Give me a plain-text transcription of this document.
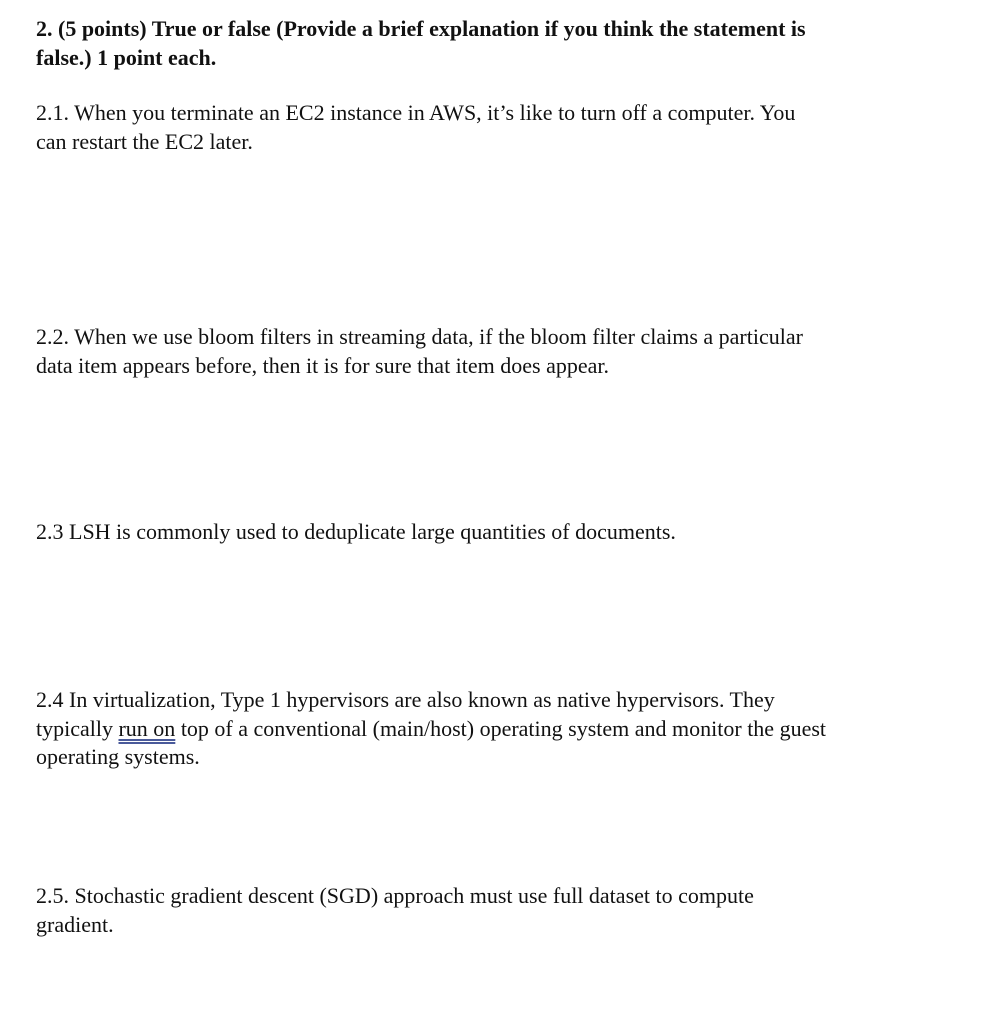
2. (5 points) True or false (Provide a brief explanation if you think the statement is
false.) 1 point each.
2.1. When you terminate an EC2 instance in AWS, it’s like to turn off a computer. You
can restart the EC2 later.
2.2. When we use bloom filters in streaming data, if the bloom filter claims a particular
data item appears before, then it is for sure that item does appear.
2.3 LSH is commonly used to deduplicate large quantities of documents.
2.4 In virtualization, Type 1 hypervisors are also known as native hypervisors. They
typically run on top of a conventional (main/host) operating system and monitor the guest
operating systems.
2.5. Stochastic gradient descent (SGD) approach must use full dataset to compute
gradient.
